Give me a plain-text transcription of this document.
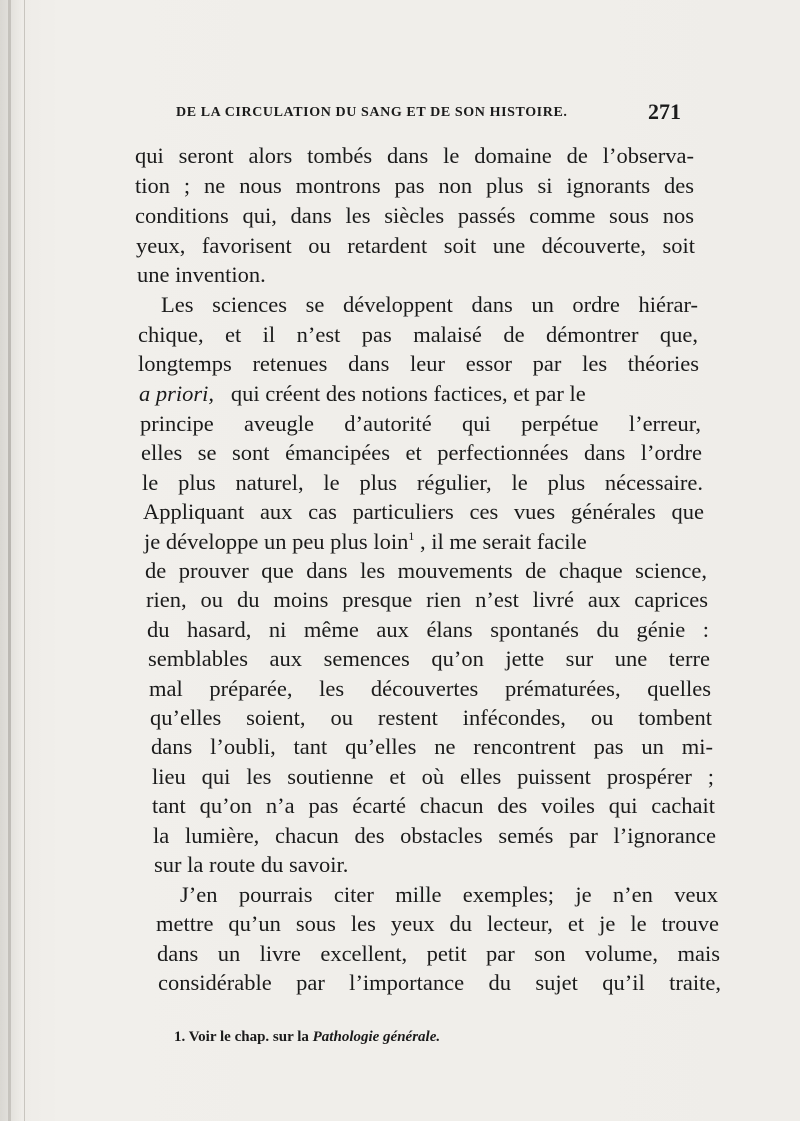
DE LA CIRCULATION DU SANG ET DE SON HISTOIRE.	271
qui seront alors tombés dans le domaine de l’observa-
tion ; ne nous montrons pas non plus si ignorants des
conditions qui, dans les siècles passés comme sous nos
yeux, favorisent ou retardent soit une découverte, soit
une invention.
Les sciences se développent dans un ordre hiérar-
chique, et il n’est pas malaisé de démontrer que,
longtemps retenues dans leur essor par les théories
a priori, qui créent des notions factices, et par le
principe aveugle d’autorité qui perpétue l’erreur,
elles se sont émancipées et perfectionnées dans l’ordre
le plus naturel, le plus régulier, le plus nécessaire.
Appliquant aux cas particuliers ces vues générales que
je développe un peu plus loin$^1$ , il me serait facile
de prouver que dans les mouvements de chaque science,
rien, ou du moins presque rien n’est livré aux caprices
du hasard, ni même aux élans spontanés du génie :
semblables aux semences qu’on jette sur une terre
mal préparée, les découvertes prématurées, quelles
qu’elles soient, ou restent infécondes, ou tombent
dans l’oubli, tant qu’elles ne rencontrent pas un mi-
lieu qui les soutienne et où elles puissent prospérer ;
tant qu’on n’a pas écarté chacun des voiles qui cachait
la lumière, chacun des obstacles semés par l’ignorance
sur la route du savoir.
J’en pourrais citer mille exemples; je n’en veux
mettre qu’un sous les yeux du lecteur, et je le trouve
dans un livre excellent, petit par son volume, mais
considérable par l’importance du sujet qu’il traite,
1. Voir le chap. sur la Pathologie générale.
